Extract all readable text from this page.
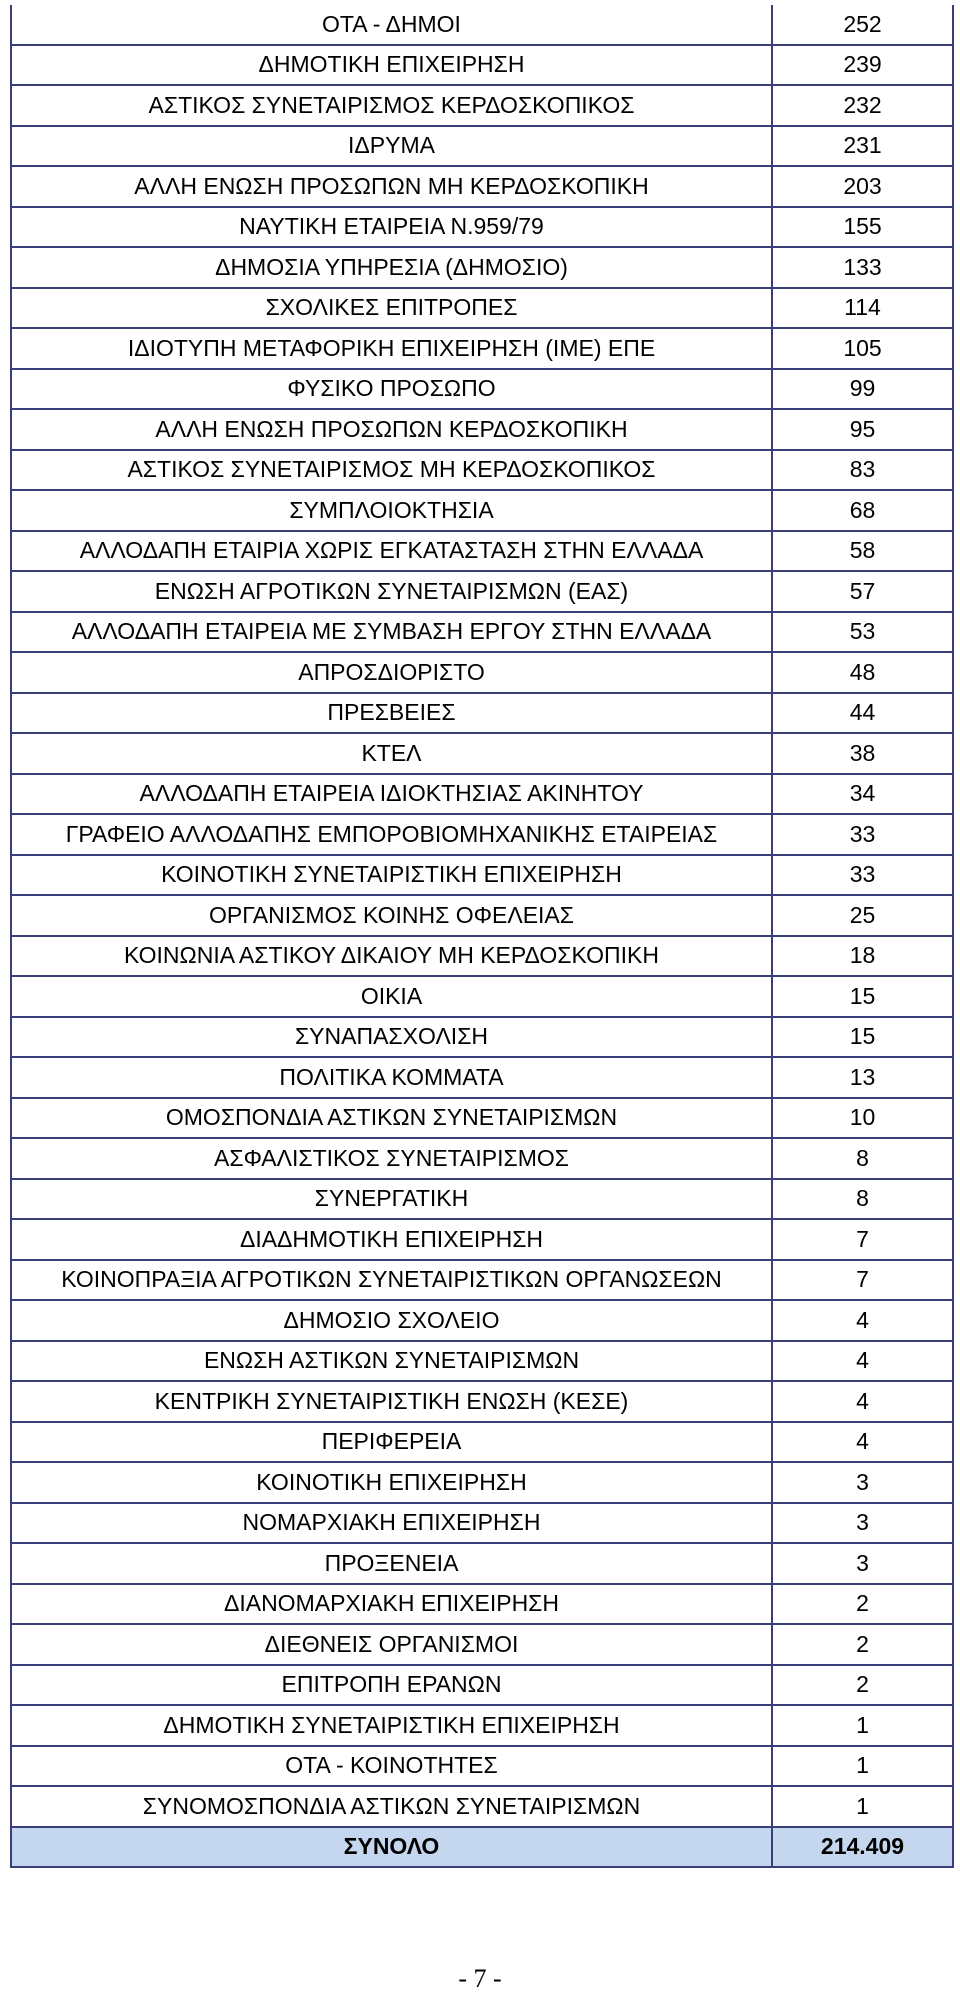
ΟΤΑ - ΔΗΜΟΙ	252
ΔΗΜΟΤΙΚΗ ΕΠΙΧΕΙΡΗΣΗ	239
ΑΣΤΙΚΟΣ ΣΥΝΕΤΑΙΡΙΣΜΟΣ ΚΕΡΔΟΣΚΟΠΙΚΟΣ	232
ΙΔΡΥΜΑ	231
ΑΛΛΗ ΕΝΩΣΗ ΠΡΟΣΩΠΩΝ ΜΗ ΚΕΡΔΟΣΚΟΠΙΚΗ	203
ΝΑΥΤΙΚΗ ΕΤΑΙΡΕΙΑ Ν.959/79	155
ΔΗΜΟΣΙΑ ΥΠΗΡΕΣΙΑ (ΔΗΜΟΣΙΟ)	133
ΣΧΟΛΙΚΕΣ ΕΠΙΤΡΟΠΕΣ	114
ΙΔΙΟΤΥΠΗ ΜΕΤΑΦΟΡΙΚΗ ΕΠΙΧΕΙΡΗΣΗ (ΙΜΕ) ΕΠΕ	105
ΦΥΣΙΚΟ ΠΡΟΣΩΠΟ	99
ΑΛΛΗ ΕΝΩΣΗ ΠΡΟΣΩΠΩΝ ΚΕΡΔΟΣΚΟΠΙΚΗ	95
ΑΣΤΙΚΟΣ ΣΥΝΕΤΑΙΡΙΣΜΟΣ ΜΗ ΚΕΡΔΟΣΚΟΠΙΚΟΣ	83
ΣΥΜΠΛΟΙΟΚΤΗΣΙΑ	68
ΑΛΛΟΔΑΠΗ ΕΤΑΙΡΙΑ ΧΩΡΙΣ ΕΓΚΑΤΑΣΤΑΣΗ ΣΤΗΝ ΕΛΛΑΔΑ	58
ΕΝΩΣΗ ΑΓΡΟΤΙΚΩΝ ΣΥΝΕΤΑΙΡΙΣΜΩΝ (ΕΑΣ)	57
ΑΛΛΟΔΑΠΗ ΕΤΑΙΡΕΙΑ ΜΕ ΣΥΜΒΑΣΗ ΕΡΓΟΥ ΣΤΗΝ ΕΛΛΑΔΑ	53
ΑΠΡΟΣΔΙΟΡΙΣΤΟ	48
ΠΡΕΣΒΕΙΕΣ	44
ΚΤΕΛ	38
ΑΛΛΟΔΑΠΗ ΕΤΑΙΡΕΙΑ ΙΔΙΟΚΤΗΣΙΑΣ ΑΚΙΝΗΤΟΥ	34
ΓΡΑΦΕΙΟ ΑΛΛΟΔΑΠΗΣ ΕΜΠΟΡΟΒΙΟΜΗΧΑΝΙΚΗΣ ΕΤΑΙΡΕΙΑΣ	33
ΚΟΙΝΟΤΙΚΗ ΣΥΝΕΤΑΙΡΙΣΤΙΚΗ ΕΠΙΧΕΙΡΗΣΗ	33
ΟΡΓΑΝΙΣΜΟΣ ΚΟΙΝΗΣ ΟΦΕΛΕΙΑΣ	25
ΚΟΙΝΩΝΙΑ ΑΣΤΙΚΟΥ ΔΙΚΑΙΟΥ ΜΗ ΚΕΡΔΟΣΚΟΠΙΚΗ	18
ΟΙΚΙΑ	15
ΣΥΝΑΠΑΣΧΟΛΙΣΗ	15
ΠΟΛΙΤΙΚΑ ΚΟΜΜΑΤΑ	13
ΟΜΟΣΠΟΝΔΙΑ ΑΣΤΙΚΩΝ ΣΥΝΕΤΑΙΡΙΣΜΩΝ	10
ΑΣΦΑΛΙΣΤΙΚΟΣ ΣΥΝΕΤΑΙΡΙΣΜΟΣ	8
ΣΥΝΕΡΓΑΤΙΚΗ	8
ΔΙΑΔΗΜΟΤΙΚΗ ΕΠΙΧΕΙΡΗΣΗ	7
ΚΟΙΝΟΠΡΑΞΙΑ ΑΓΡΟΤΙΚΩΝ ΣΥΝΕΤΑΙΡΙΣΤΙΚΩΝ ΟΡΓΑΝΩΣΕΩΝ	7
ΔΗΜΟΣΙΟ ΣΧΟΛΕΙΟ	4
ΕΝΩΣΗ ΑΣΤΙΚΩΝ ΣΥΝΕΤΑΙΡΙΣΜΩΝ	4
ΚΕΝΤΡΙΚΗ ΣΥΝΕΤΑΙΡΙΣΤΙΚΗ ΕΝΩΣΗ (ΚΕΣΕ)	4
ΠΕΡΙΦΕΡΕΙΑ	4
ΚΟΙΝΟΤΙΚΗ ΕΠΙΧΕΙΡΗΣΗ	3
ΝΟΜΑΡΧΙΑΚΗ ΕΠΙΧΕΙΡΗΣΗ	3
ΠΡΟΞΕΝΕΙΑ	3
ΔΙΑΝΟΜΑΡΧΙΑΚΗ ΕΠΙΧΕΙΡΗΣΗ	2
ΔΙΕΘΝΕΙΣ ΟΡΓΑΝΙΣΜΟΙ	2
ΕΠΙΤΡΟΠΗ ΕΡΑΝΩΝ	2
ΔΗΜΟΤΙΚΗ ΣΥΝΕΤΑΙΡΙΣΤΙΚΗ ΕΠΙΧΕΙΡΗΣΗ	1
ΟΤΑ - ΚΟΙΝΟΤΗΤΕΣ	1
ΣΥΝΟΜΟΣΠΟΝΔΙΑ ΑΣΤΙΚΩΝ ΣΥΝΕΤΑΙΡΙΣΜΩΝ	1
ΣΥΝΟΛΟ	214.409
- 7 -
